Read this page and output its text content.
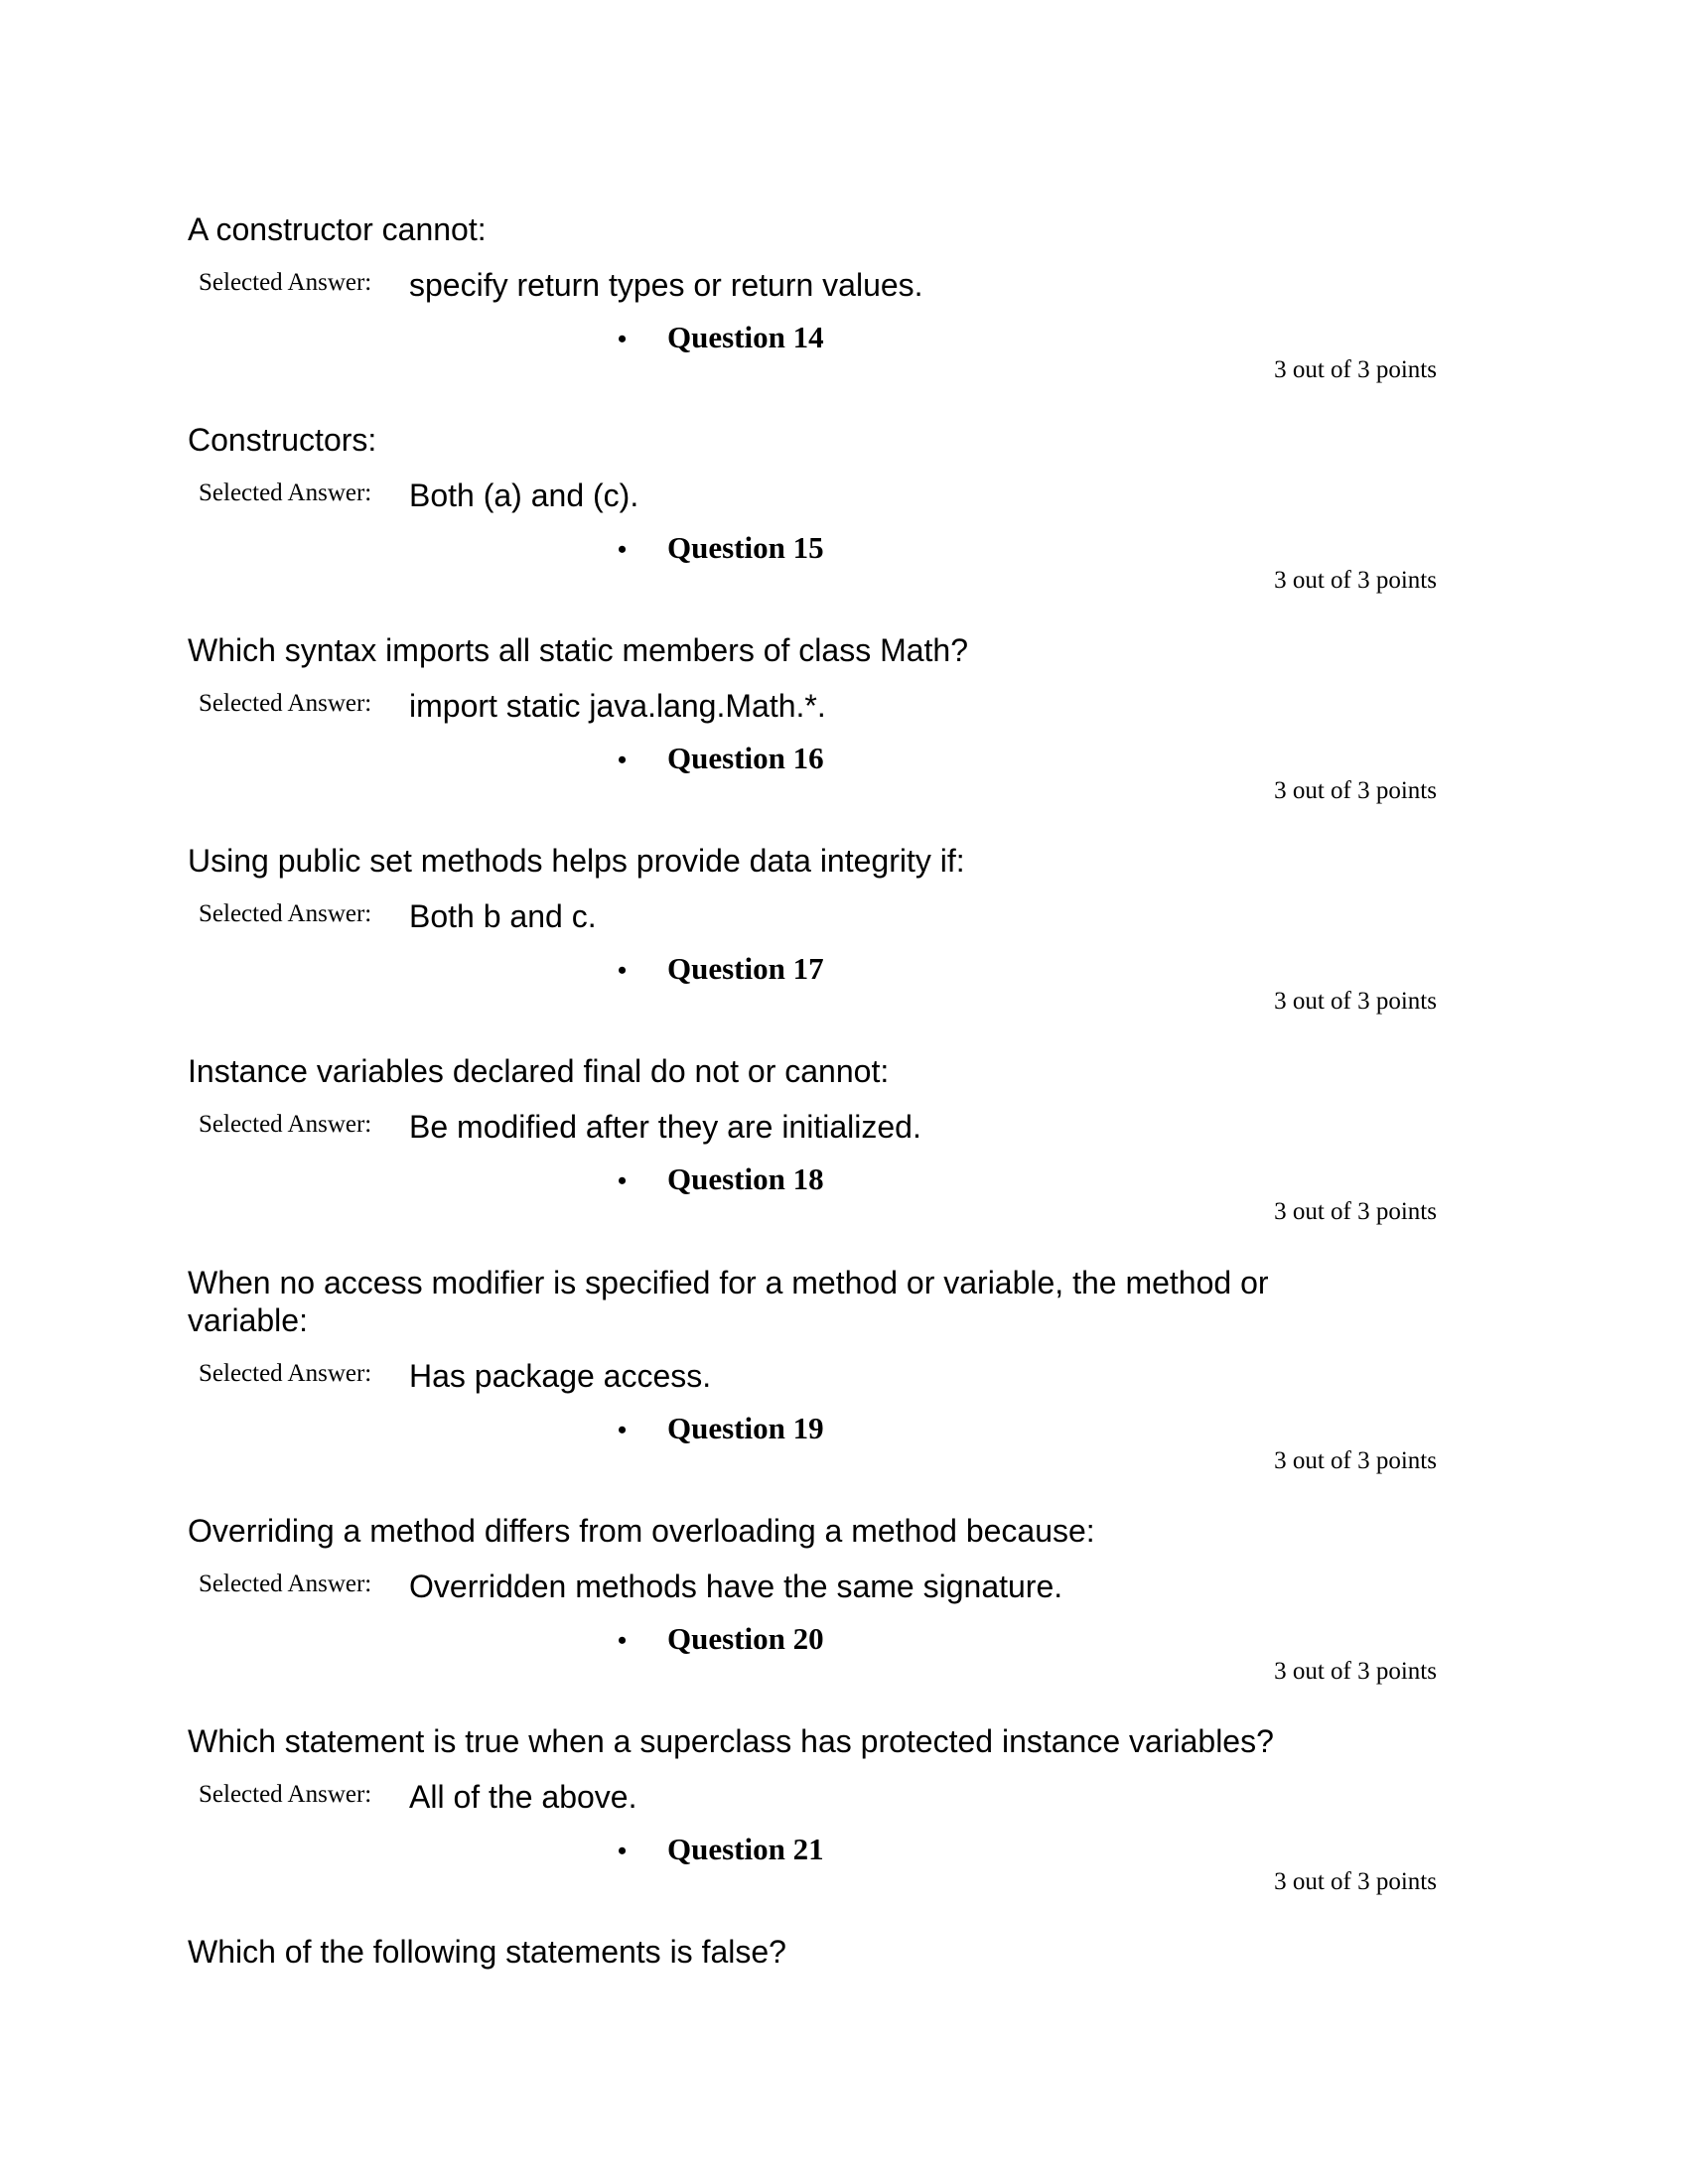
A constructor cannot:

Selected Answer: specify return types or return values.
• Question 14
3 out of 3 points

Constructors:

Selected Answer: Both (a) and (c).
• Question 15
3 out of 3 points

Which syntax imports all static members of class Math?

Selected Answer: import static java.lang.Math.*.
• Question 16
3 out of 3 points

Using public set methods helps provide data integrity if:

Selected Answer: Both b and c.
• Question 17
3 out of 3 points

Instance variables declared final do not or cannot:

Selected Answer: Be modified after they are initialized.
• Question 18
3 out of 3 points

When no access modifier is specified for a method or variable, the method or variable:

Selected Answer: Has package access.
• Question 19
3 out of 3 points

Overriding a method differs from overloading a method because:

Selected Answer: Overridden methods have the same signature.
• Question 20
3 out of 3 points

Which statement is true when a superclass has protected instance variables?

Selected Answer: All of the above.
• Question 21
3 out of 3 points

Which of the following statements is false?
